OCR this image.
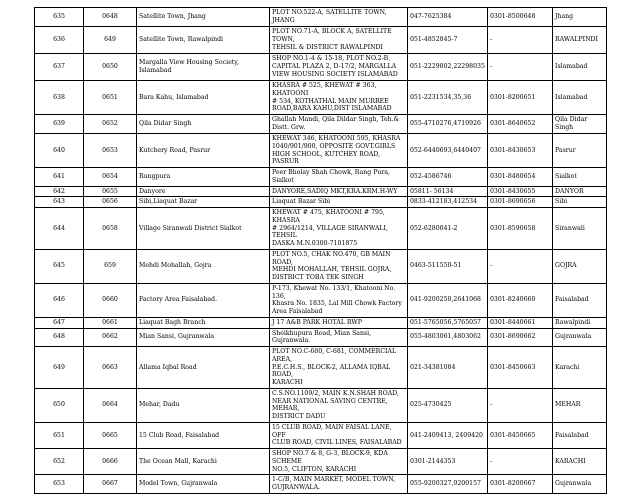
635	0648	Satellite Town, Jhang	PLOT NO.522-A, SATELLITE TOWN, JHANG	047-7625384	0301-8500648	Jhang
636	649	Satellite Town, Rawalpindi	PLOT NO.71-A, BLOCK A, SATELLITE TOWN,
TEHSIL & DISTRICT RAWALPINDI	051-4852845-7	-	RAWALPINDI
637	0650	Margalla View Housing Society, Islamabad	SHOP NO.1-4 & 15-18, PLOT NO.2-B,
CAPITAL PLAZA 2, D-17/2, MARGALLA
VIEW HOUSING SOCIETY ISLAMABAD	051-2229802,22298035	-	Islamabad
638	0651	Bara Kahu, Islamabad	KHASRA # 525, KHEWAT # 363, KHATOONI
# 534, KOTHATHAL MAIN MURREE
ROAD,BARA KAHU,DIST ISLAMABAD	051-2231534,35,36	0301-8200651	Islamabad
639	0652	Qila Didar Singh	Ghallah Mandi, Qila Dildar Singh, Teh.&
Distt. Grw.	055-4710276,4710926	0301-8640652	Qila Didar Singh
640	0653	Kutchery Road, Pasrur	KHEWAT 346, KHATOONI 595, KHASRA
1040/901/900, OPPOSITE GOVT.GIRLS
HIGH SCHOOL, KUTCHEY ROAD, PASRUR	052-6440693,6440407	0301-8430653	Pasrur
641	0654	Rungpura	Peer Bholay Shah Chowk, Rang Pura, Sialkot	052-4586746	0301-8480654	Sialkot
642	0655	Danyore	DANYORE,SADIQ MKT,KRA.KRM.H-WY	05811- 56134	0301-8430655	DANYOR
643	0656	Sibi,Liaquat Bazar	Liaquat Bazar Sibi	0833-412183,412534	0301-8690656	Sibi
644	0658	Village Siranwali District Sialkot	KHEWAT # 475, KHATOONI # 795, KHASRA
# 2964/1214, VILLAGE SIRANWALI, TEHSIL
DASKA M.N.0300-7101875	052-6280041-2	0301-8590658	Siranwali
645	659	Mehdi Mohallah, Gojra	PLOT NO.5, CHAK NO.470, GB MAIN ROAD,
MEHDI MOHALLAH, TEHSIL GOJRA,
DISTRICT TOBA TEK SINGH	0463-511550-51	-	GOJRA
646	0660	Factory Area Faisalabad.	P-173, Khewat No. 133/1, Khatooni No. 136,
Khasra No. 1835, Lal Mill Chowk Factory
Area Faisalabad	041-9200250,2641068	0301-8240660	Faisalabad
647	0661	Liaquat Bagh Branch	J 17 A&B PARK HOTAL RWP	051-5765056,5765057	0301-8440661	Rawalpindi
648	0662	Mian Sansi, Gujranwala	Sheikhupura Road, Mian Sansi, Gujranwala.	055-4803061,4803062	0301-8690662	Gujranwala
649	0663	Allama Iqbal Road	PLOT NO.C-680, C-681, COMMERCIAL AREA,
P.E.C.H.S., BLOCK-2, ALLAMA IQBAL ROAD,
KARACHI	021-34381084	0301-8450663	Karachi
650	0664	Mehar, Dadu	C.S.NO.1109/2, MAIN K.N.SHAH ROAD,
NEAR NATIONAL SAVING CENTRE, MEHAR,
DISTRICT DADU	025-4730425	-	MEHAR
651	0665	15 Club Road, Faisalabad	15 CLUB ROAD, MAIN FAISAL LANE, OFF
CLUB ROAD, CIVIL LINES, FAISALABAD	041-2409413, 2409420	0301-8450665	Faisalabad
652	0666	The Ocean Mall, Karachi	SHOP NO.7 & 8, G-3, BLOCK-9, KDA SCHEME
NO.5, CLIFTON, KARACHI	0301-2144353	-	KARACHI
653	0667	Model Town, Gujranwala	1-C/B, MAIN MARKET, MODEL TOWN,
GUJRANWALA.	055-9200327,9200157	0301-8200667	Gujranwala
